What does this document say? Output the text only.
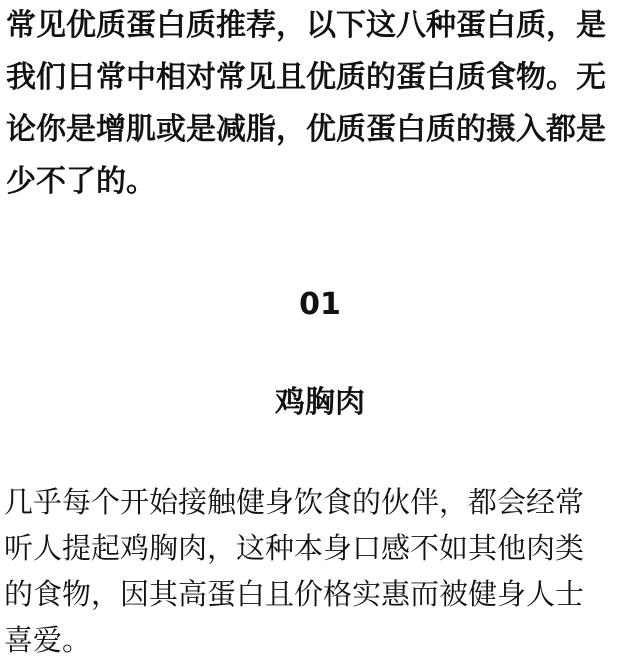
常见优质蛋白质推荐，以下这八种蛋白质，是
我们日常中相对常见且优质的蛋白质食物。无
论你是增肌或是减脂，优质蛋白质的摄入都是
少不了的。
01
鸡胸肉
几乎每个开始接触健身饮食的伙伴，都会经常
听人提起鸡胸肉，这种本身口感不如其他肉类
的食物，因其高蛋白且价格实惠而被健身人士
喜爱。
